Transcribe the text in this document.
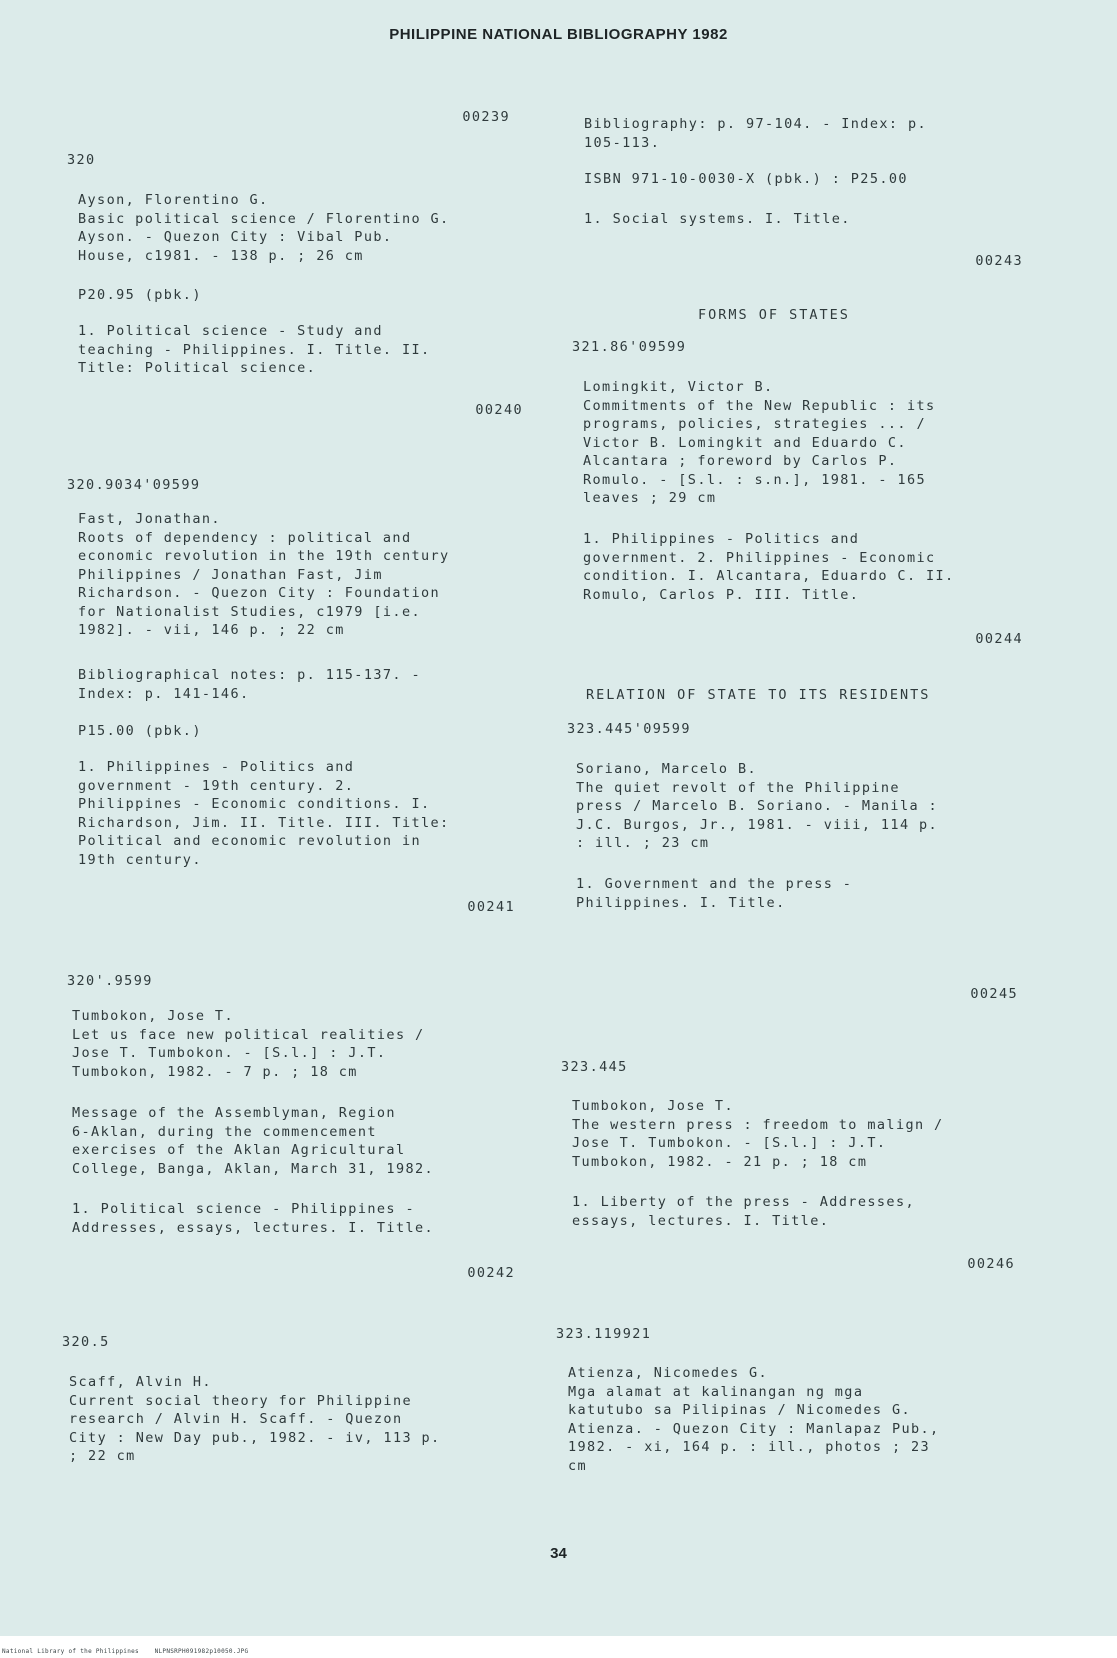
PHILIPPINE NATIONAL BIBLIOGRAPHY 1982
00239
320
Ayson, Florentino G.
Basic political science / Florentino G.
Ayson. - Quezon City : Vibal Pub.
House, c1981. - 138 p. ; 26 cm
P20.95 (pbk.)
1. Political science - Study and
teaching - Philippines. I. Title. II.
Title: Political science.
00240
320.9034'09599
Fast, Jonathan.
Roots of dependency : political and
economic revolution in the 19th century
Philippines / Jonathan Fast, Jim
Richardson. - Quezon City : Foundation
for Nationalist Studies, c1979 [i.e.
1982]. - vii, 146 p. ; 22 cm
Bibliographical notes: p. 115-137. -
Index: p. 141-146.
P15.00 (pbk.)
1. Philippines - Politics and
government - 19th century. 2.
Philippines - Economic conditions. I.
Richardson, Jim. II. Title. III. Title:
Political and economic revolution in
19th century.
00241
320'.9599
Tumbokon, Jose T.
Let us face new political realities /
Jose T. Tumbokon. - [S.l.] : J.T.
Tumbokon, 1982. - 7 p. ; 18 cm
Message of the Assemblyman, Region
6-Aklan, during the commencement
exercises of the Aklan Agricultural
College, Banga, Aklan, March 31, 1982.
1. Political science - Philippines -
Addresses, essays, lectures. I. Title.
00242
320.5
Scaff, Alvin H.
Current social theory for Philippine
research / Alvin H. Scaff. - Quezon
City : New Day pub., 1982. - iv, 113 p.
; 22 cm
Bibliography: p. 97-104. - Index: p.
105-113.
ISBN 971-10-0030-X (pbk.) : P25.00
1. Social systems. I. Title.
00243
FORMS OF STATES
321.86'09599
Lomingkit, Victor B.
Commitments of the New Republic : its
programs, policies, strategies ... /
Victor B. Lomingkit and Eduardo C.
Alcantara ; foreword by Carlos P.
Romulo. - [S.l. : s.n.], 1981. - 165
leaves ; 29 cm
1. Philippines - Politics and
government. 2. Philippines - Economic
condition. I. Alcantara, Eduardo C. II.
Romulo, Carlos P. III. Title.
00244
RELATION OF STATE TO ITS RESIDENTS
323.445'09599
Soriano, Marcelo B.
The quiet revolt of the Philippine
press / Marcelo B. Soriano. - Manila :
J.C. Burgos, Jr., 1981. - viii, 114 p.
: ill. ; 23 cm
1. Government and the press -
Philippines. I. Title.
00245
323.445
Tumbokon, Jose T.
The western press : freedom to malign /
Jose T. Tumbokon. - [S.l.] : J.T.
Tumbokon, 1982. - 21 p. ; 18 cm
1. Liberty of the press - Addresses,
essays, lectures. I. Title.
00246
323.119921
Atienza, Nicomedes G.
Mga alamat at kalinangan ng mga
katutubo sa Pilipinas / Nicomedes G.
Atienza. - Quezon City : Manlapaz Pub.,
1982. - xi, 164 p. : ill., photos ; 23
cm
34
National Library of the Philippines    NLPNSRPH091982p10050.JPG
